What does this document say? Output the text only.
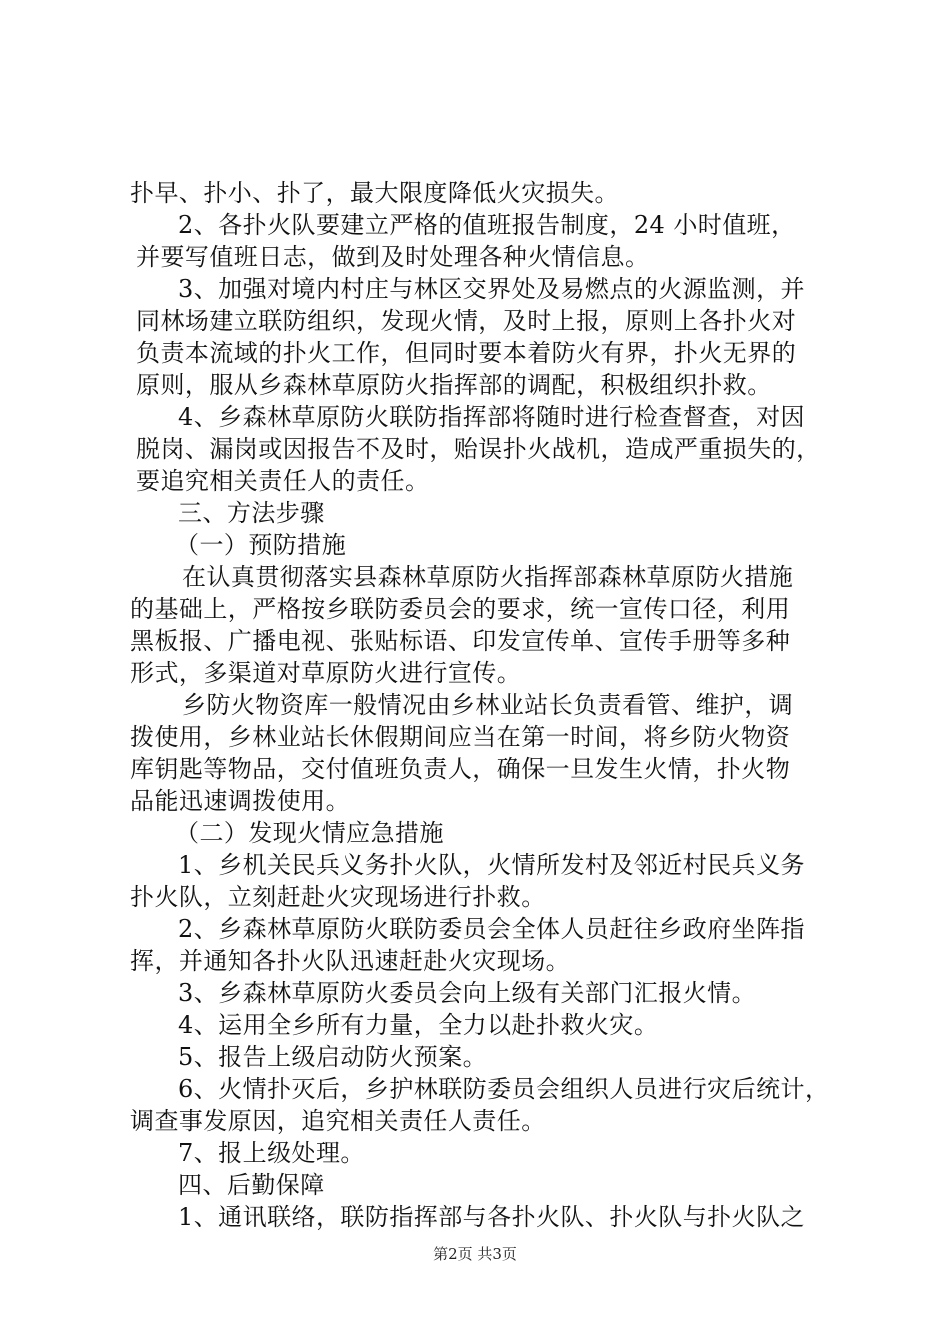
扑早、扑小、扑了，最大限度降低火灾损失。
2、各扑火队要建立严格的值班报告制度，24 小时值班，
并要写值班日志，做到及时处理各种火情信息。
3、加强对境内村庄与林区交界处及易燃点的火源监测，并
同林场建立联防组织，发现火情，及时上报，原则上各扑火对
负责本流域的扑火工作，但同时要本着防火有界，扑火无界的
原则，服从乡森林草原防火指挥部的调配，积极组织扑救。
4、乡森林草原防火联防指挥部将随时进行检查督查，对因
脱岗、漏岗或因报告不及时，贻误扑火战机，造成严重损失的，
要追究相关责任人的责任。
三、方法步骤
（一）预防措施
在认真贯彻落实县森林草原防火指挥部森林草原防火措施
的基础上，严格按乡联防委员会的要求，统一宣传口径，利用
黑板报、广播电视、张贴标语、印发宣传单、宣传手册等多种
形式，多渠道对草原防火进行宣传。
乡防火物资库一般情况由乡林业站长负责看管、维护，调
拨使用，乡林业站长休假期间应当在第一时间，将乡防火物资
库钥匙等物品，交付值班负责人，确保一旦发生火情，扑火物
品能迅速调拨使用。
（二）发现火情应急措施
1、乡机关民兵义务扑火队，火情所发村及邻近村民兵义务
扑火队，立刻赶赴火灾现场进行扑救。
2、乡森林草原防火联防委员会全体人员赶往乡政府坐阵指
挥，并通知各扑火队迅速赶赴火灾现场。
3、乡森林草原防火委员会向上级有关部门汇报火情。
4、运用全乡所有力量，全力以赴扑救火灾。
5、报告上级启动防火预案。
6、火情扑灭后，乡护林联防委员会组织人员进行灾后统计，
调查事发原因，追究相关责任人责任。
7、报上级处理。
四、后勤保障
1、通讯联络，联防指挥部与各扑火队、扑火队与扑火队之
第2页 共3页
